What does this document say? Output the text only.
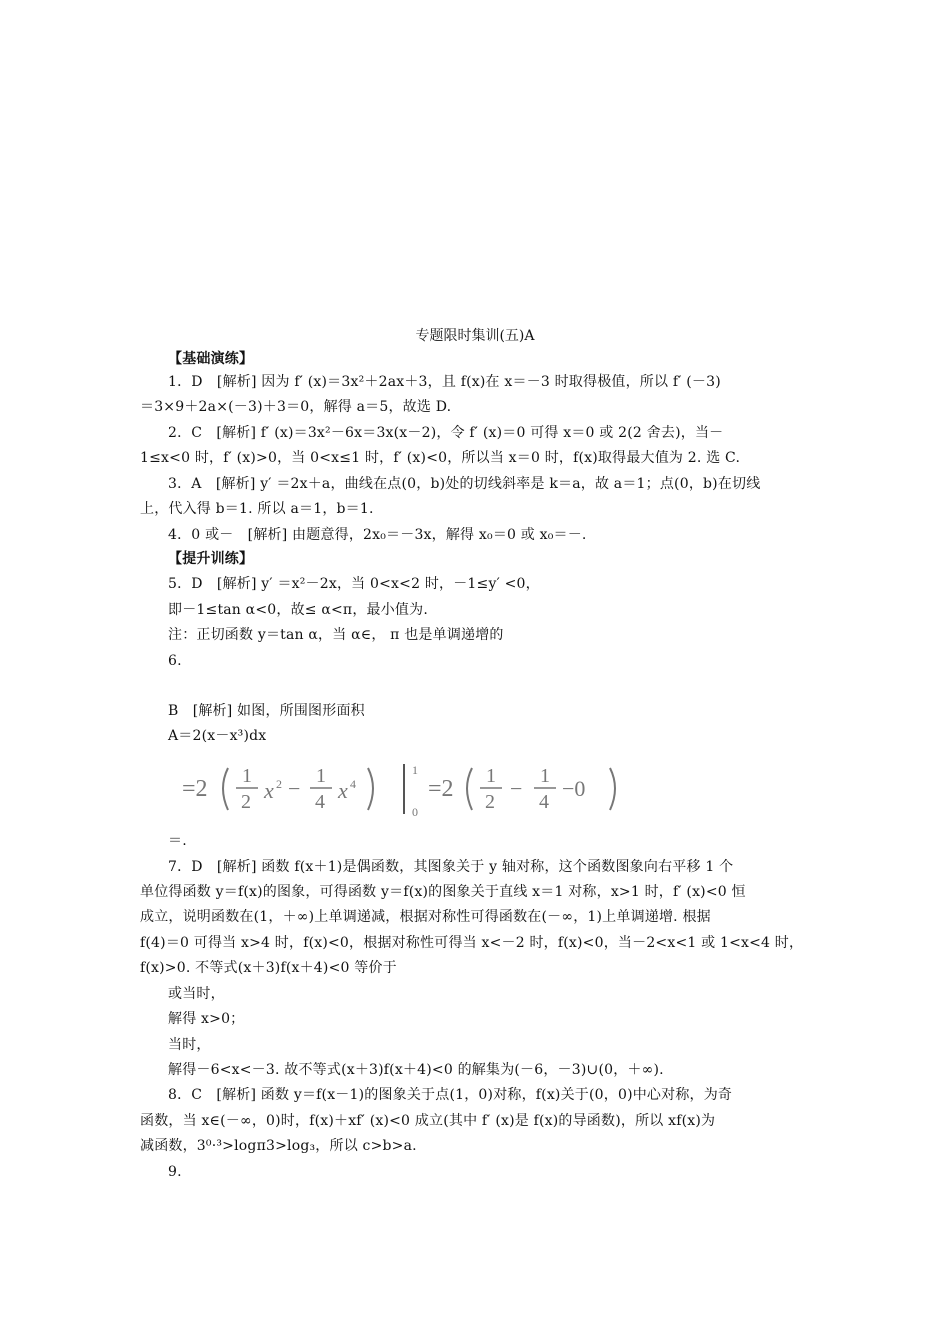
专题限时集训(五)A
【基础演练】
1．D　[解析] 因为 f′ (x)＝3x²＋2ax＋3，且 f(x)在 x＝－3 时取得极值，所以 f′ (－3)
＝3×9＋2a×(－3)＋3＝0，解得 a＝5，故选 D.
2．C　[解析] f′ (x)＝3x²－6x＝3x(x－2)，令 f′ (x)＝0 可得 x＝0 或 2(2 舍去)，当－
1≤x<0 时，f′ (x)>0，当 0<x≤1 时，f′ (x)<0，所以当 x＝0 时，f(x)取得最大值为 2. 选 C.
3．A　[解析] y′ ＝2x＋a，曲线在点(0，b)处的切线斜率是 k＝a，故 a＝1；点(0，b)在切线
上，代入得 b＝1. 所以 a＝1，b＝1.
4．0 或－　[解析] 由题意得，2x₀＝－3x，解得 x₀＝0 或 x₀＝－.
【提升训练】
5．D　[解析] y′ ＝x²－2x，当 0<x<2 时，－1≤y′ <0，
即－1≤tan α<0，故≤ α<π，最小值为.
注：正切函数 y＝tan α，当 α∈， π 也是单调递增的
6.
B　[解析] 如图，所围图形面积
A＝2(x－x³)dx
=2 1
2 x 2 − 1
4 x 4
1
0
=2 1
2
− 1
4
−0
＝.
7．D　[解析] 函数 f(x＋1)是偶函数，其图象关于 y 轴对称，这个函数图象向右平移 1 个
单位得函数 y＝f(x)的图象，可得函数 y＝f(x)的图象关于直线 x＝1 对称，x>1 时，f′ (x)<0 恒
成立，说明函数在(1，＋∞)上单调递减，根据对称性可得函数在(－∞，1)上单调递增. 根据
f(4)＝0 可得当 x>4 时，f(x)<0，根据对称性可得当 x<－2 时，f(x)<0，当－2<x<1 或 1<x<4 时，
f(x)>0. 不等式(x＋3)f(x＋4)<0 等价于
或当时，
解得 x>0；
当时，
解得－6<x<－3. 故不等式(x＋3)f(x＋4)<0 的解集为(－6，－3)∪(0，＋∞).
8．C　[解析] 函数 y＝f(x－1)的图象关于点(1，0)对称，f(x)关于(0，0)中心对称，为奇
函数，当 x∈(－∞，0)时，f(x)＋xf′ (x)<0 成立(其中 f′ (x)是 f(x)的导函数)，所以 xf(x)为
减函数，3⁰·³>logπ3>log₃，所以 c>b>a.
9.
